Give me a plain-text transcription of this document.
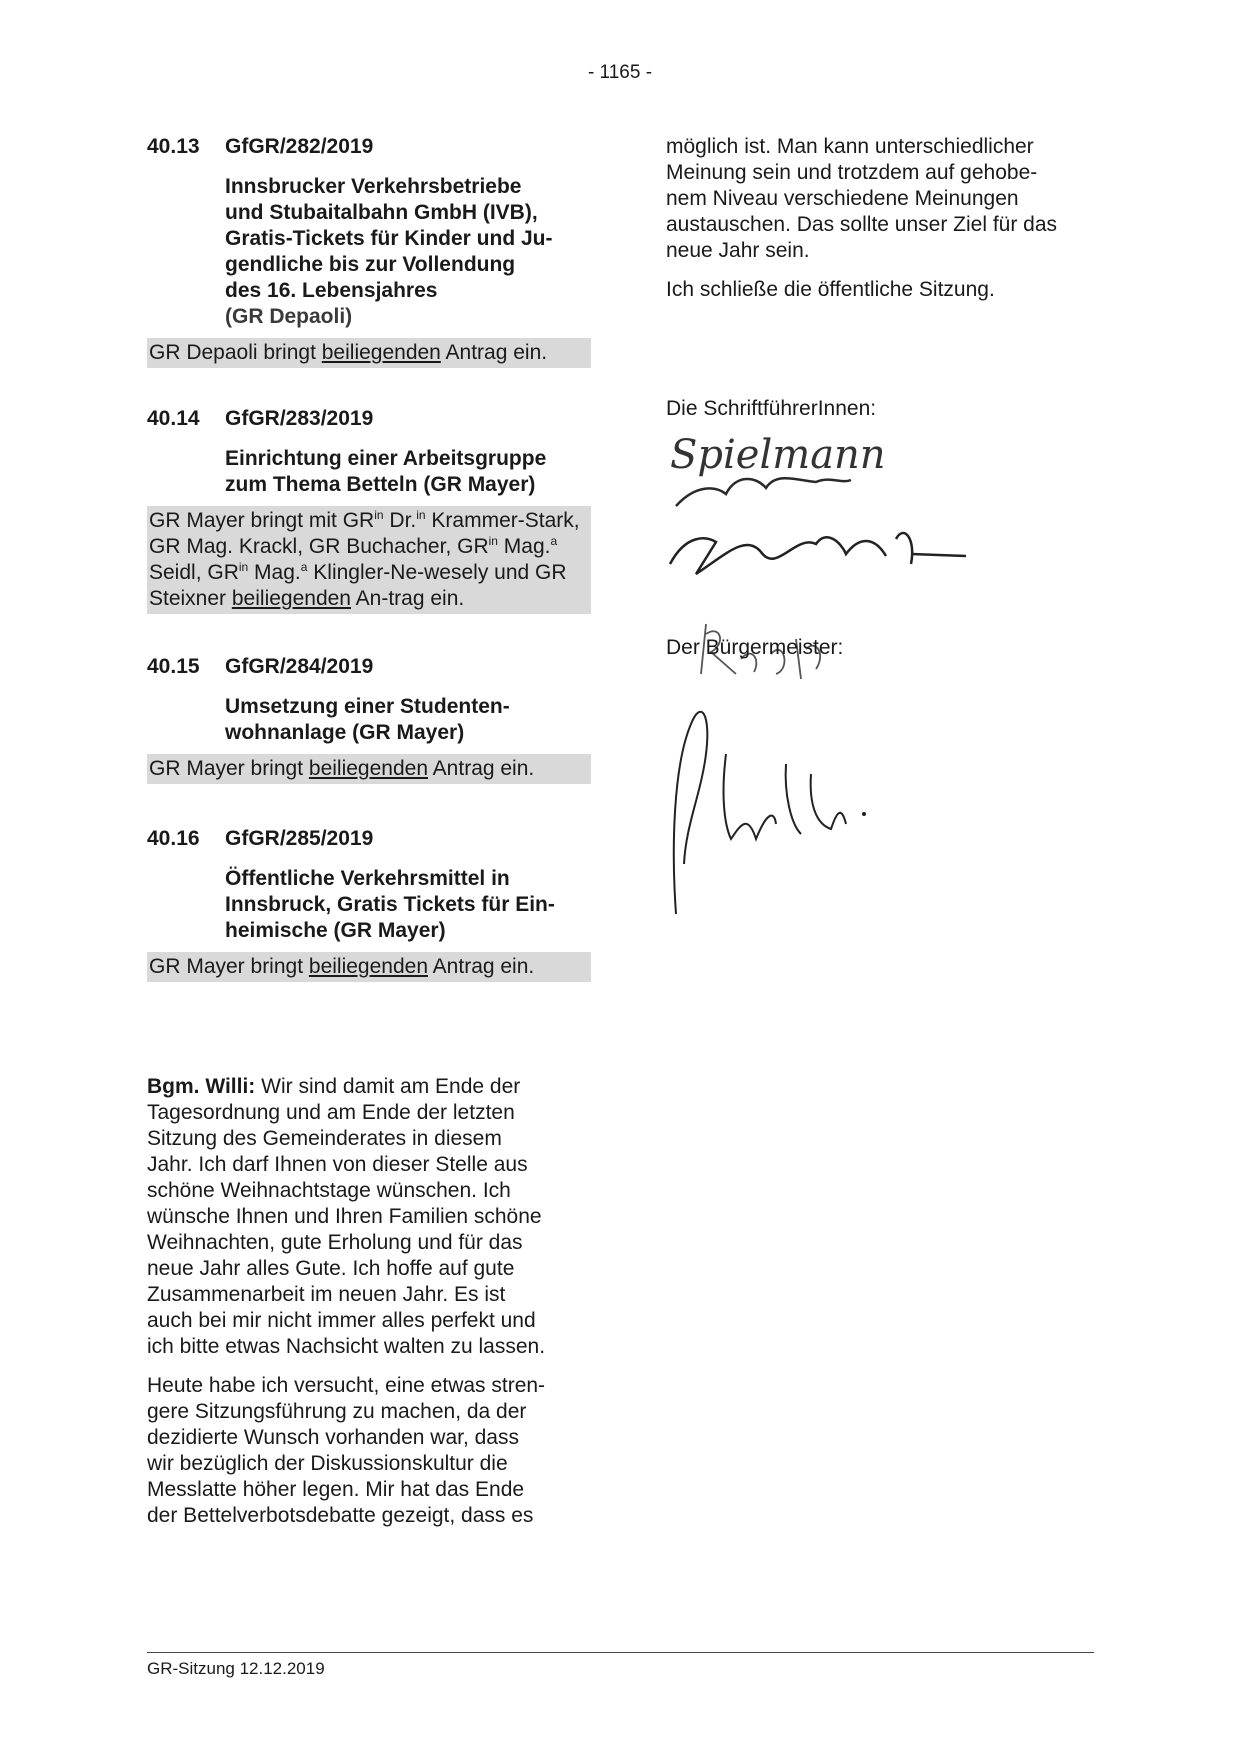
- 1165 -
40.13 GfGR/282/2019
Innsbrucker Verkehrsbetriebe
und Stubaitalbahn GmbH (IVB),
Gratis-Tickets für Kinder und Ju-
gendliche bis zur Vollendung
des 16. Lebensjahres
(GR Depaoli)
GR Depaoli bringt beiliegenden Antrag ein.
40.14 GfGR/283/2019
Einrichtung einer Arbeitsgruppe
zum Thema Betteln (GR Mayer)
GR Mayer bringt mit $GR^{in}$ Dr.$^{in}$ Krammer-Stark, GR Mag. Krackl, GR Buchacher, $GR^{in}$ Mag.$^a$ Seidl, $GR^{in}$ Mag.$^a$ Klingler-Ne-wesely und GR Steixner beiliegenden An-trag ein.
40.15 GfGR/284/2019
Umsetzung einer Studenten-
wohnanlage (GR Mayer)
GR Mayer bringt beiliegenden Antrag ein.
40.16 GfGR/285/2019
Öffentliche Verkehrsmittel in
Innsbruck, Gratis Tickets für Ein-
heimische (GR Mayer)
GR Mayer bringt beiliegenden Antrag ein.
Bgm. Willi: Wir sind damit am Ende der
Tagesordnung und am Ende der letzten
Sitzung des Gemeinderates in diesem
Jahr. Ich darf Ihnen von dieser Stelle aus
schöne Weihnachtstage wünschen. Ich
wünsche Ihnen und Ihren Familien schöne
Weihnachten, gute Erholung und für das
neue Jahr alles Gute. Ich hoffe auf gute
Zusammenarbeit im neuen Jahr. Es ist
auch bei mir nicht immer alles perfekt und
ich bitte etwas Nachsicht walten zu lassen.
Heute habe ich versucht, eine etwas stren-
gere Sitzungsführung zu machen, da der
dezidierte Wunsch vorhanden war, dass
wir bezüglich der Diskussionskultur die
Messlatte höher legen. Mir hat das Ende
der Bettelverbotsdebatte gezeigt, dass es
möglich ist. Man kann unterschiedlicher
Meinung sein und trotzdem auf gehobe-
nem Niveau verschiedene Meinungen
austauschen. Das sollte unser Ziel für das
neue Jahr sein.
Ich schließe die öffentliche Sitzung.
Die SchriftführerInnen:
Spielmann
Der Bürgermeister:
GR-Sitzung 12.12.2019
